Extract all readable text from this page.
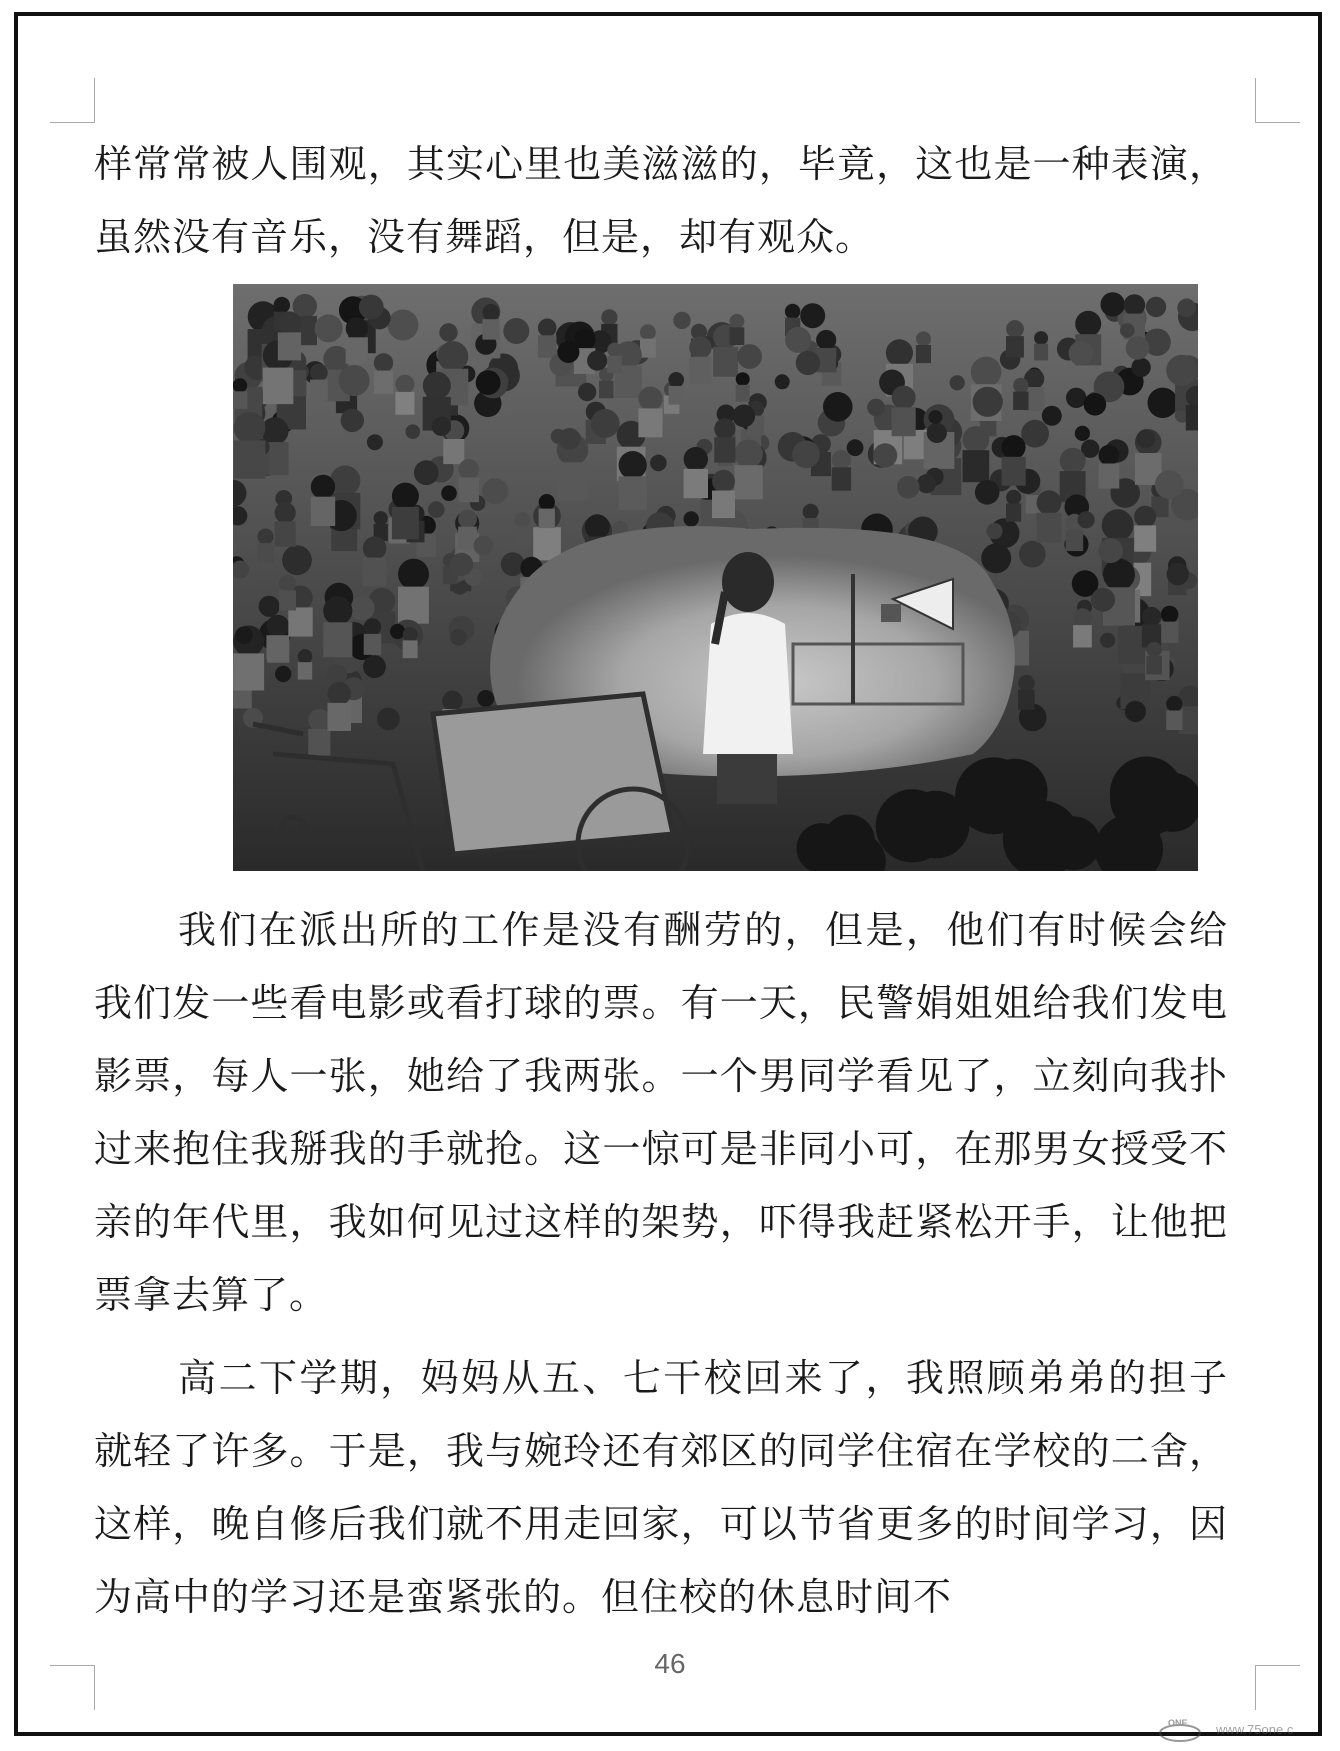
样常常被人围观，其实心里也美滋滋的，毕竟，这也是一种表演，虽然没有音乐，没有舞蹈，但是，却有观众。

我们在派出所的工作是没有酬劳的，但是，他们有时候会给我们发一些看电影或看打球的票。有一天，民警娟姐姐给我们发电影票，每人一张，她给了我两张。一个男同学看见了，立刻向我扑过来抱住我掰我的手就抢。这一惊可是非同小可，在那男女授受不亲的年代里，我如何见过这样的架势，吓得我赶紧松开手，让他把票拿去算了。

高二下学期，妈妈从五、七干校回来了，我照顾弟弟的担子就轻了许多。于是，我与婉玲还有郊区的同学住宿在学校的二舍，这样，晚自修后我们就不用走回家，可以节省更多的时间学习，因为高中的学习还是蛮紧张的。但住校的休息时间不

46
ONE www.75one.c
